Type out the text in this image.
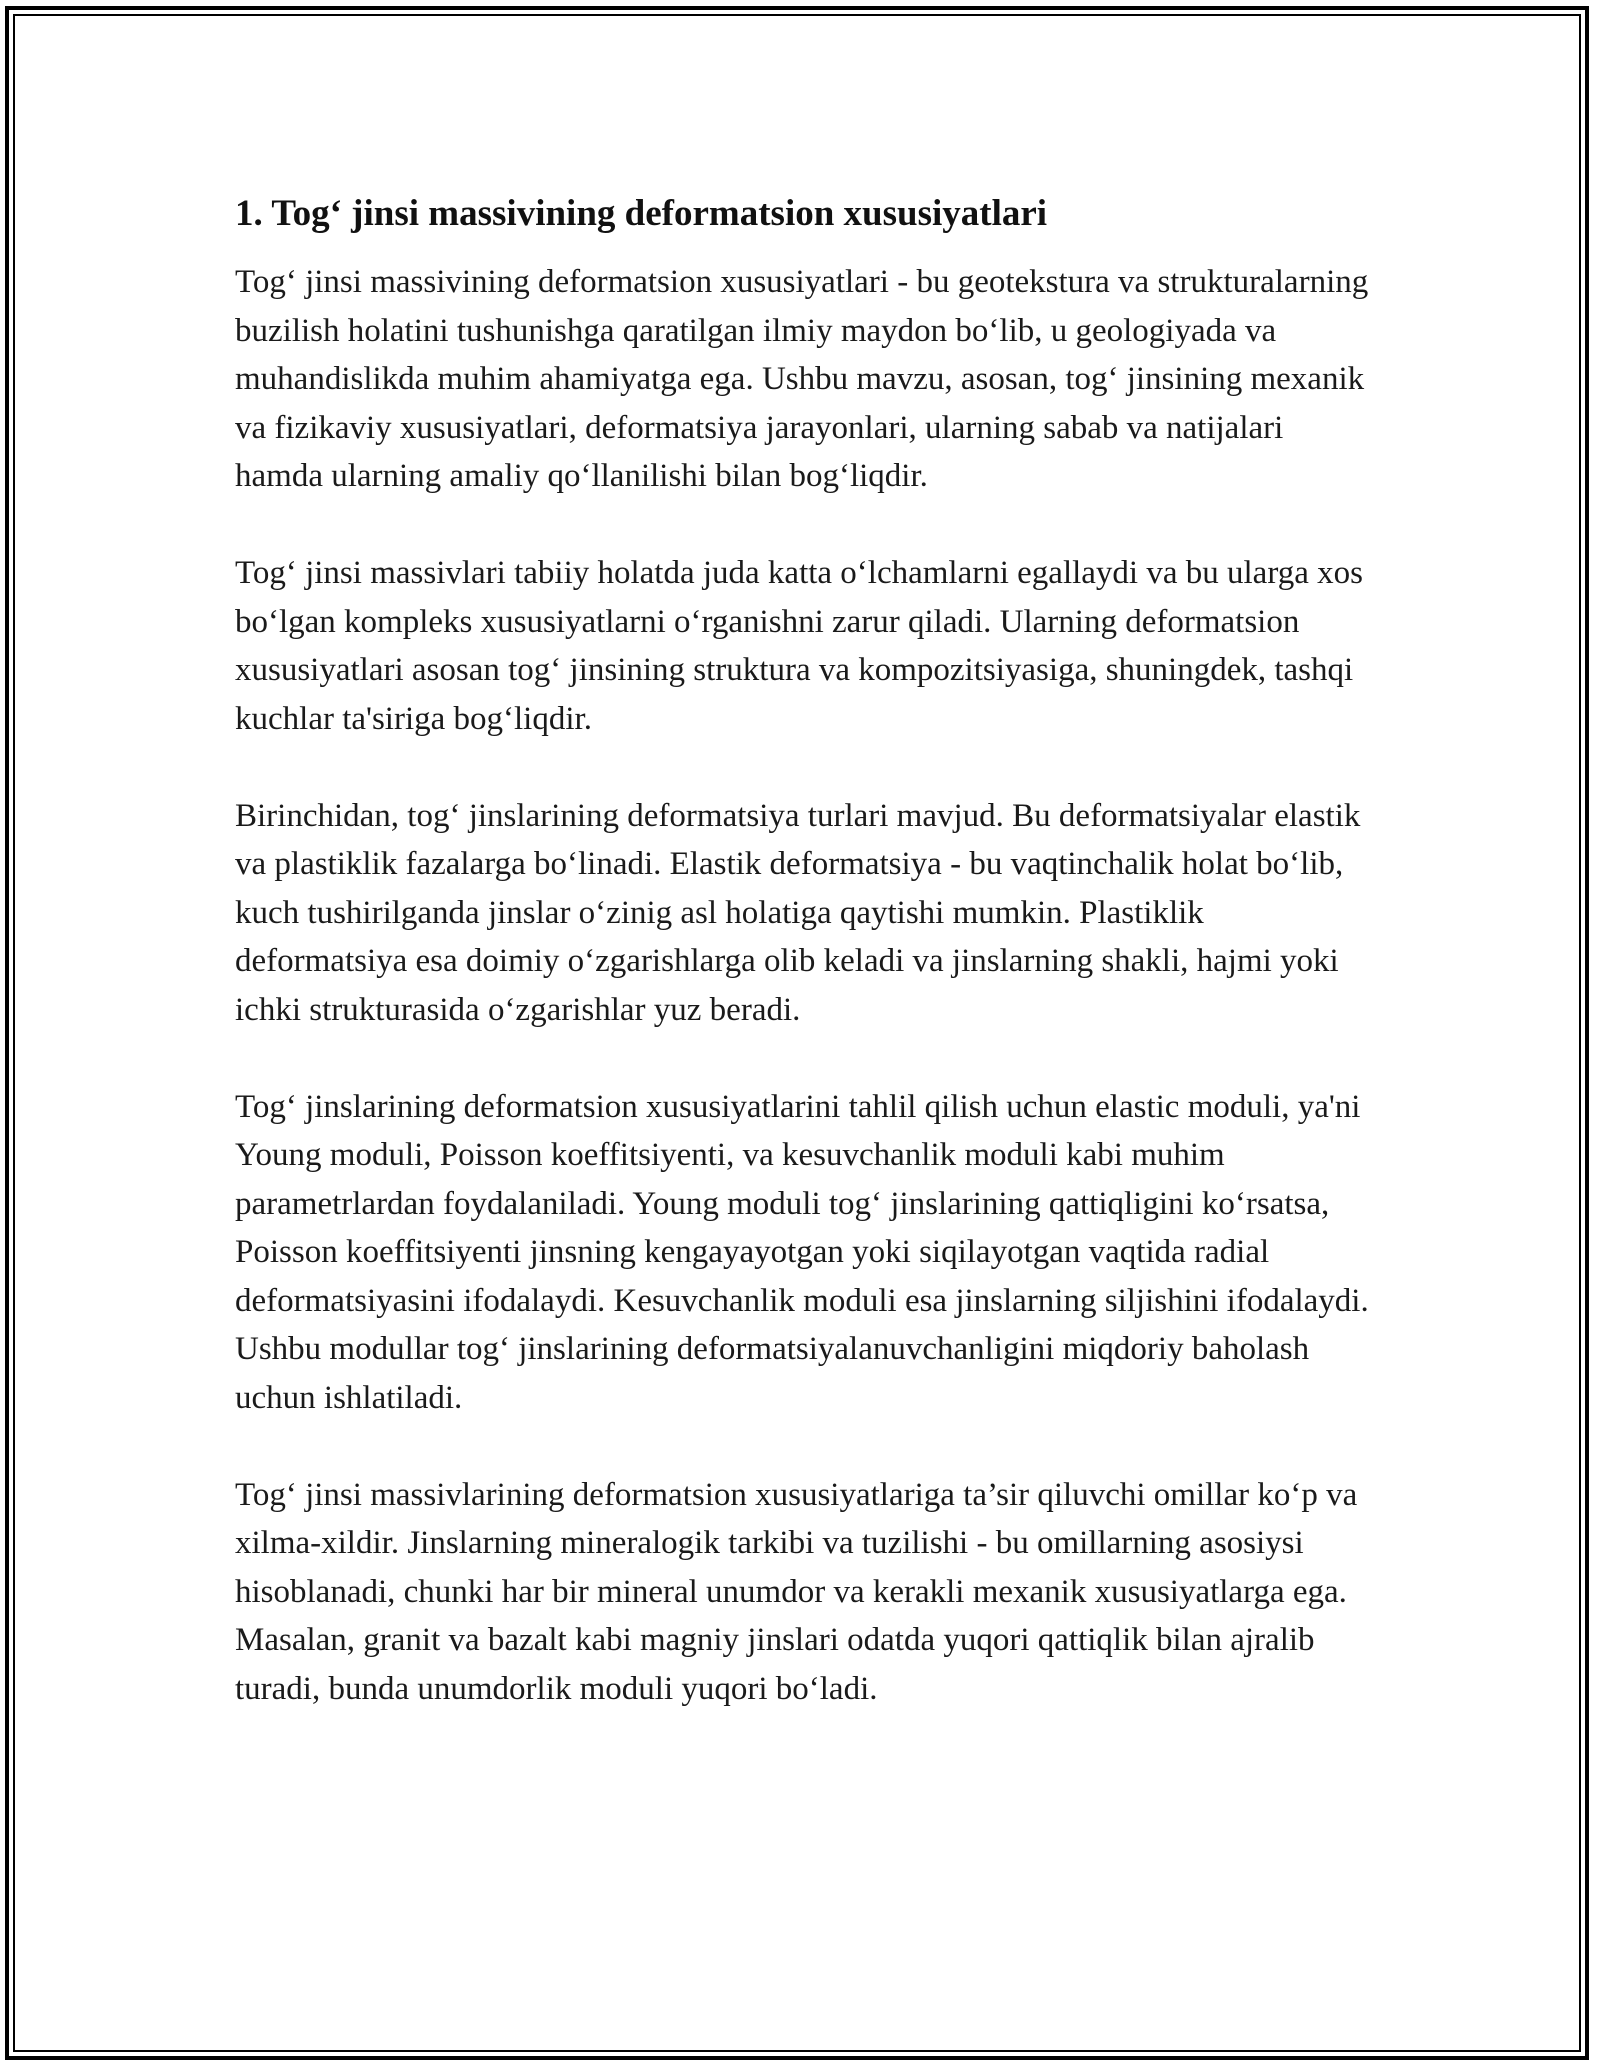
1. Tog‘ jinsi massivining deformatsion xususiyatlari

Tog‘ jinsi massivining deformatsion xususiyatlari - bu geotekstura va strukturalarning buzilish holatini tushunishga qaratilgan ilmiy maydon bo‘lib, u geologiyada va muhandislikda muhim ahamiyatga ega. Ushbu mavzu, asosan, tog‘ jinsining mexanik va fizikaviy xususiyatlari, deformatsiya jarayonlari, ularning sabab va natijalari hamda ularning amaliy qo‘llanilishi bilan bog‘liqdir.

Tog‘ jinsi massivlari tabiiy holatda juda katta o‘lchamlarni egallaydi va bu ularga xos bo‘lgan kompleks xususiyatlarni o‘rganishni zarur qiladi. Ularning deformatsion xususiyatlari asosan tog‘ jinsining struktura va kompozitsiyasiga, shuningdek, tashqi kuchlar ta'siriga bog‘liqdir.

Birinchidan, tog‘ jinslarining deformatsiya turlari mavjud. Bu deformatsiyalar elastik va plastiklik fazalarga bo‘linadi. Elastik deformatsiya - bu vaqtinchalik holat bo‘lib, kuch tushirilganda jinslar o‘zinig asl holatiga qaytishi mumkin. Plastiklik deformatsiya esa doimiy o‘zgarishlarga olib keladi va jinslarning shakli, hajmi yoki ichki strukturasida o‘zgarishlar yuz beradi.

Tog‘ jinslarining deformatsion xususiyatlarini tahlil qilish uchun elastic moduli, ya'ni Young moduli, Poisson koeffitsiyenti, va kesuvchanlik moduli kabi muhim parametrlardan foydalaniladi. Young moduli tog‘ jinslarining qattiqligini ko‘rsatsa, Poisson koeffitsiyenti jinsning kengayayotgan yoki siqilayotgan vaqtida radial deformatsiyasini ifodalaydi. Kesuvchanlik moduli esa jinslarning siljishini ifodalaydi. Ushbu modullar tog‘ jinslarining deformatsiyalanuvchanligini miqdoriy baholash uchun ishlatiladi.

Tog‘ jinsi massivlarining deformatsion xususiyatlariga ta’sir qiluvchi omillar ko‘p va xilma-xildir. Jinslarning mineralogik tarkibi va tuzilishi - bu omillarning asosiysi hisoblanadi, chunki har bir mineral unumdor va kerakli mexanik xususiyatlarga ega. Masalan, granit va bazalt kabi magniy jinslari odatda yuqori qattiqlik bilan ajralib turadi, bunda unumdorlik moduli yuqori bo‘ladi.
